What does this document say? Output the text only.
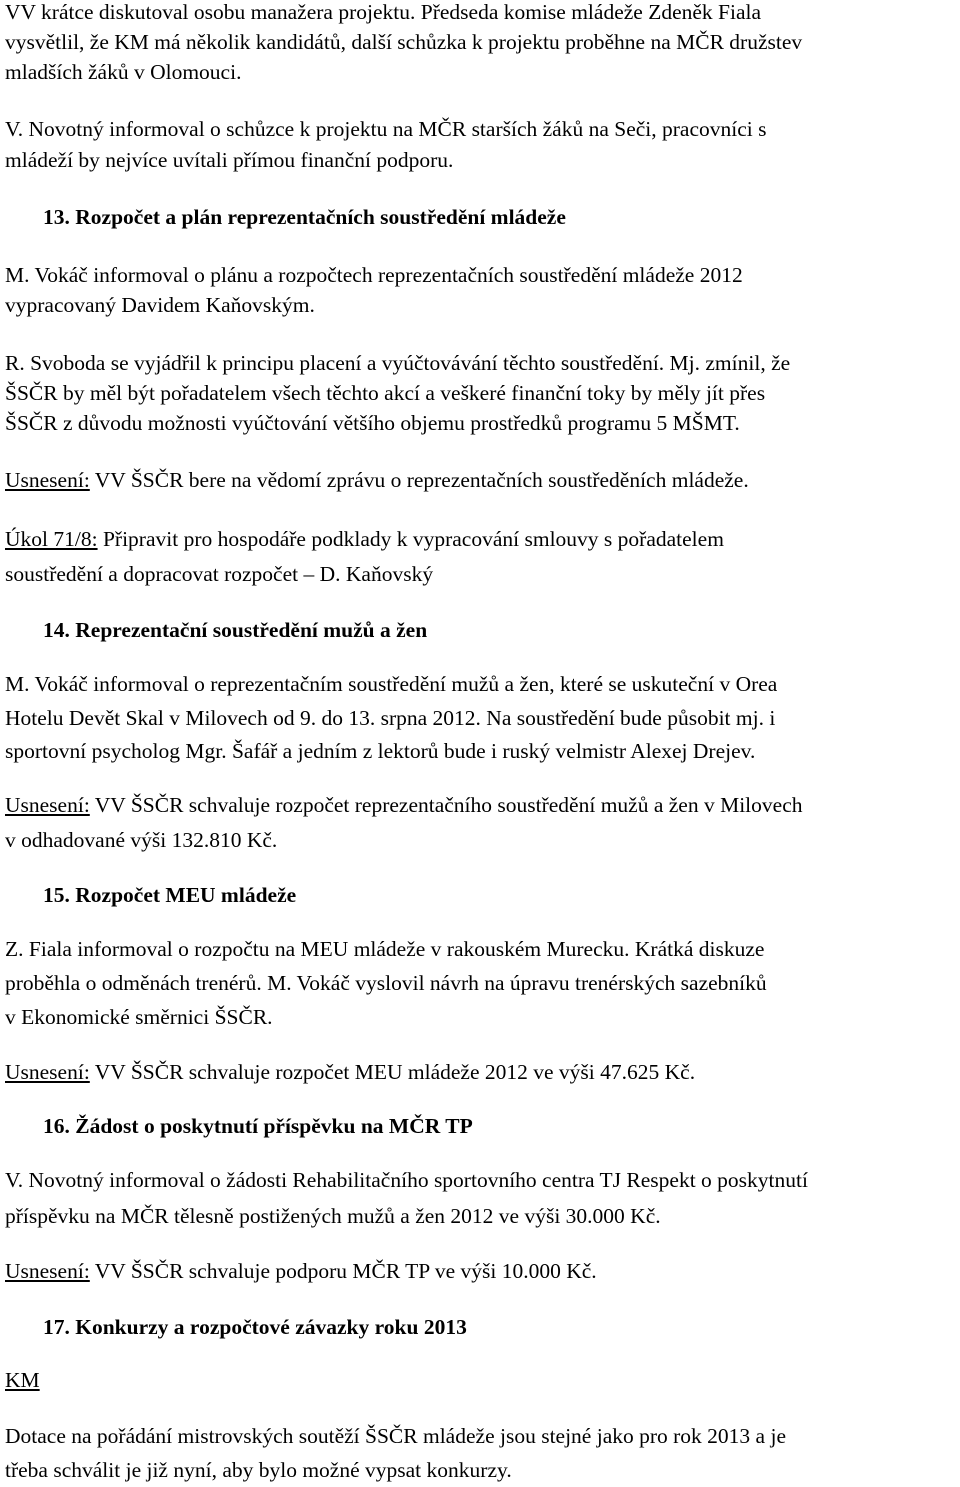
VV krátce diskutoval osobu manažera projektu. Předseda komise mládeže Zdeněk Fiala

vysvětlil, že KM má několik kandidátů, další schůzka k projektu proběhne na MČR družstev

mladších žáků v Olomouci.

V. Novotný informoval o schůzce k projektu na MČR starších žáků na Seči, pracovníci s

mládeží by nejvíce uvítali přímou finanční podporu.

13. Rozpočet a plán reprezentačních soustředění mládeže

M. Vokáč informoval o plánu a rozpočtech reprezentačních soustředění mládeže 2012

vypracovaný Davidem Kaňovským.

R. Svoboda se vyjádřil k principu placení a vyúčtovávání těchto soustředění. Mj. zmínil, že

ŠSČR by měl být pořadatelem všech těchto akcí a veškeré finanční toky by měly jít přes

ŠSČR z důvodu možnosti vyúčtování většího objemu prostředků programu 5 MŠMT.

Usnesení: VV ŠSČR bere na vědomí zprávu o reprezentačních soustředěních mládeže.

Úkol 71/8: Připravit pro hospodáře podklady k vypracování smlouvy s pořadatelem

soustředění a dopracovat rozpočet – D. Kaňovský

14. Reprezentační soustředění mužů a žen

M. Vokáč informoval o reprezentačním soustředění mužů a žen, které se uskuteční v Orea

Hotelu Devět Skal v Milovech od 9. do 13. srpna 2012. Na soustředění bude působit mj. i

sportovní psycholog Mgr. Šafář a jedním z lektorů bude i ruský velmistr Alexej Drejev.

Usnesení: VV ŠSČR schvaluje rozpočet reprezentačního soustředění mužů a žen v Milovech

v odhadované výši 132.810 Kč.

15. Rozpočet MEU mládeže

Z. Fiala informoval o rozpočtu na MEU mládeže v rakouském Murecku. Krátká diskuze

proběhla o odměnách trenérů. M. Vokáč vyslovil návrh na úpravu trenérských sazebníků

v Ekonomické směrnici ŠSČR.

Usnesení: VV ŠSČR schvaluje rozpočet MEU mládeže 2012 ve výši 47.625 Kč.

16. Žádost o poskytnutí příspěvku na MČR TP

V. Novotný informoval o žádosti Rehabilitačního sportovního centra TJ Respekt o poskytnutí

příspěvku na MČR tělesně postižených mužů a žen 2012 ve výši 30.000 Kč.

Usnesení: VV ŠSČR schvaluje podporu MČR TP ve výši 10.000 Kč.

17. Konkurzy a rozpočtové závazky roku 2013

KM

Dotace na pořádání mistrovských soutěží ŠSČR mládeže jsou stejné jako pro rok 2013 a je

třeba schválit je již nyní, aby bylo možné vypsat konkurzy.
